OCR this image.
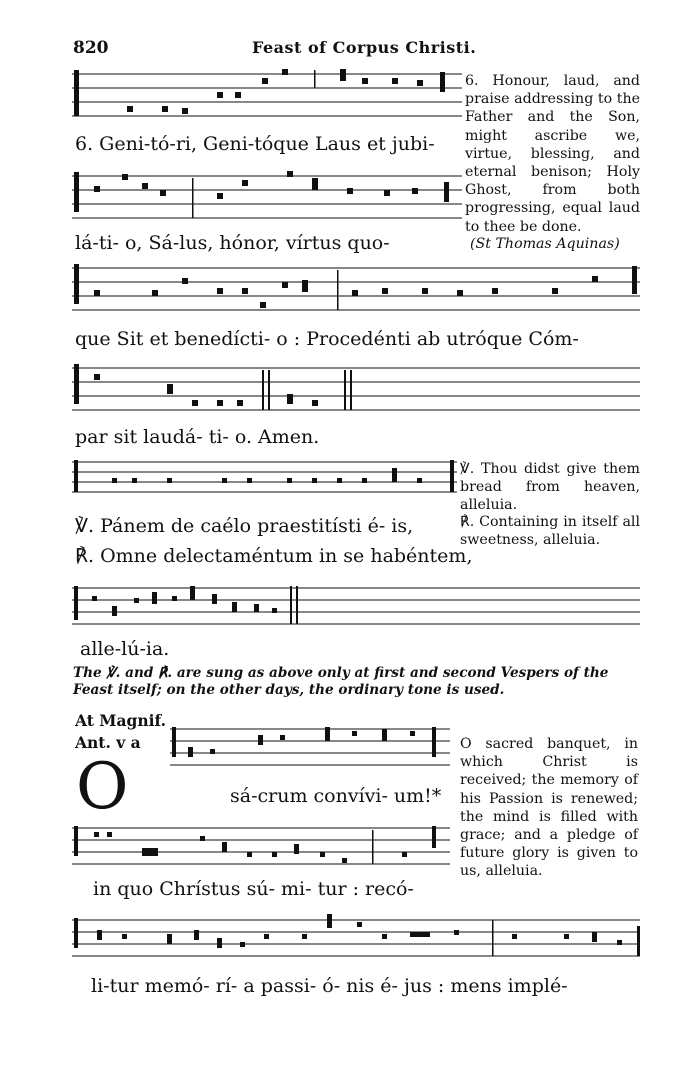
820	Feast of Corpus Christi.
6. Geni-tó-ri, Geni-tóque Laus et jubi-
lá-ti- o, Sá-lus, hónor, vírtus quo-
que Sit et benedícti- o : Procedénti ab utróque Cóm-
par sit laudá- ti- o. Amen.
6. Honour, laud, and praise addressing to the Father and the Son, might ascribe we, virtue, blessing, and eternal benison; Holy Ghost, from both progressing, equal laud to thee be done.
(St Thomas Aquinas)
℣. Pánem de caélo praestitísti é- is,
℟. Omne delectaméntum in se habéntem,
℣. Thou didst give them bread from heaven, alleluia.
℟. Containing in itself all sweetness, alleluia.
alle-lú-ia.
The ℣. and ℟. are sung as above only at first and second Vespers of the Feast itself; on the other days, the ordinary tone is used.
At Magnif.
Ant. v a
O	sá-crum convívi- um!*
in quo Chrístus sú- mi- tur : recó-
O sacred banquet, in which Christ is received; the memory of his Passion is renewed; the mind is filled with grace; and a pledge of future glory is given to us, alleluia.
li-tur memó- rí- a passi- ó- nis é- jus : mens implé-
